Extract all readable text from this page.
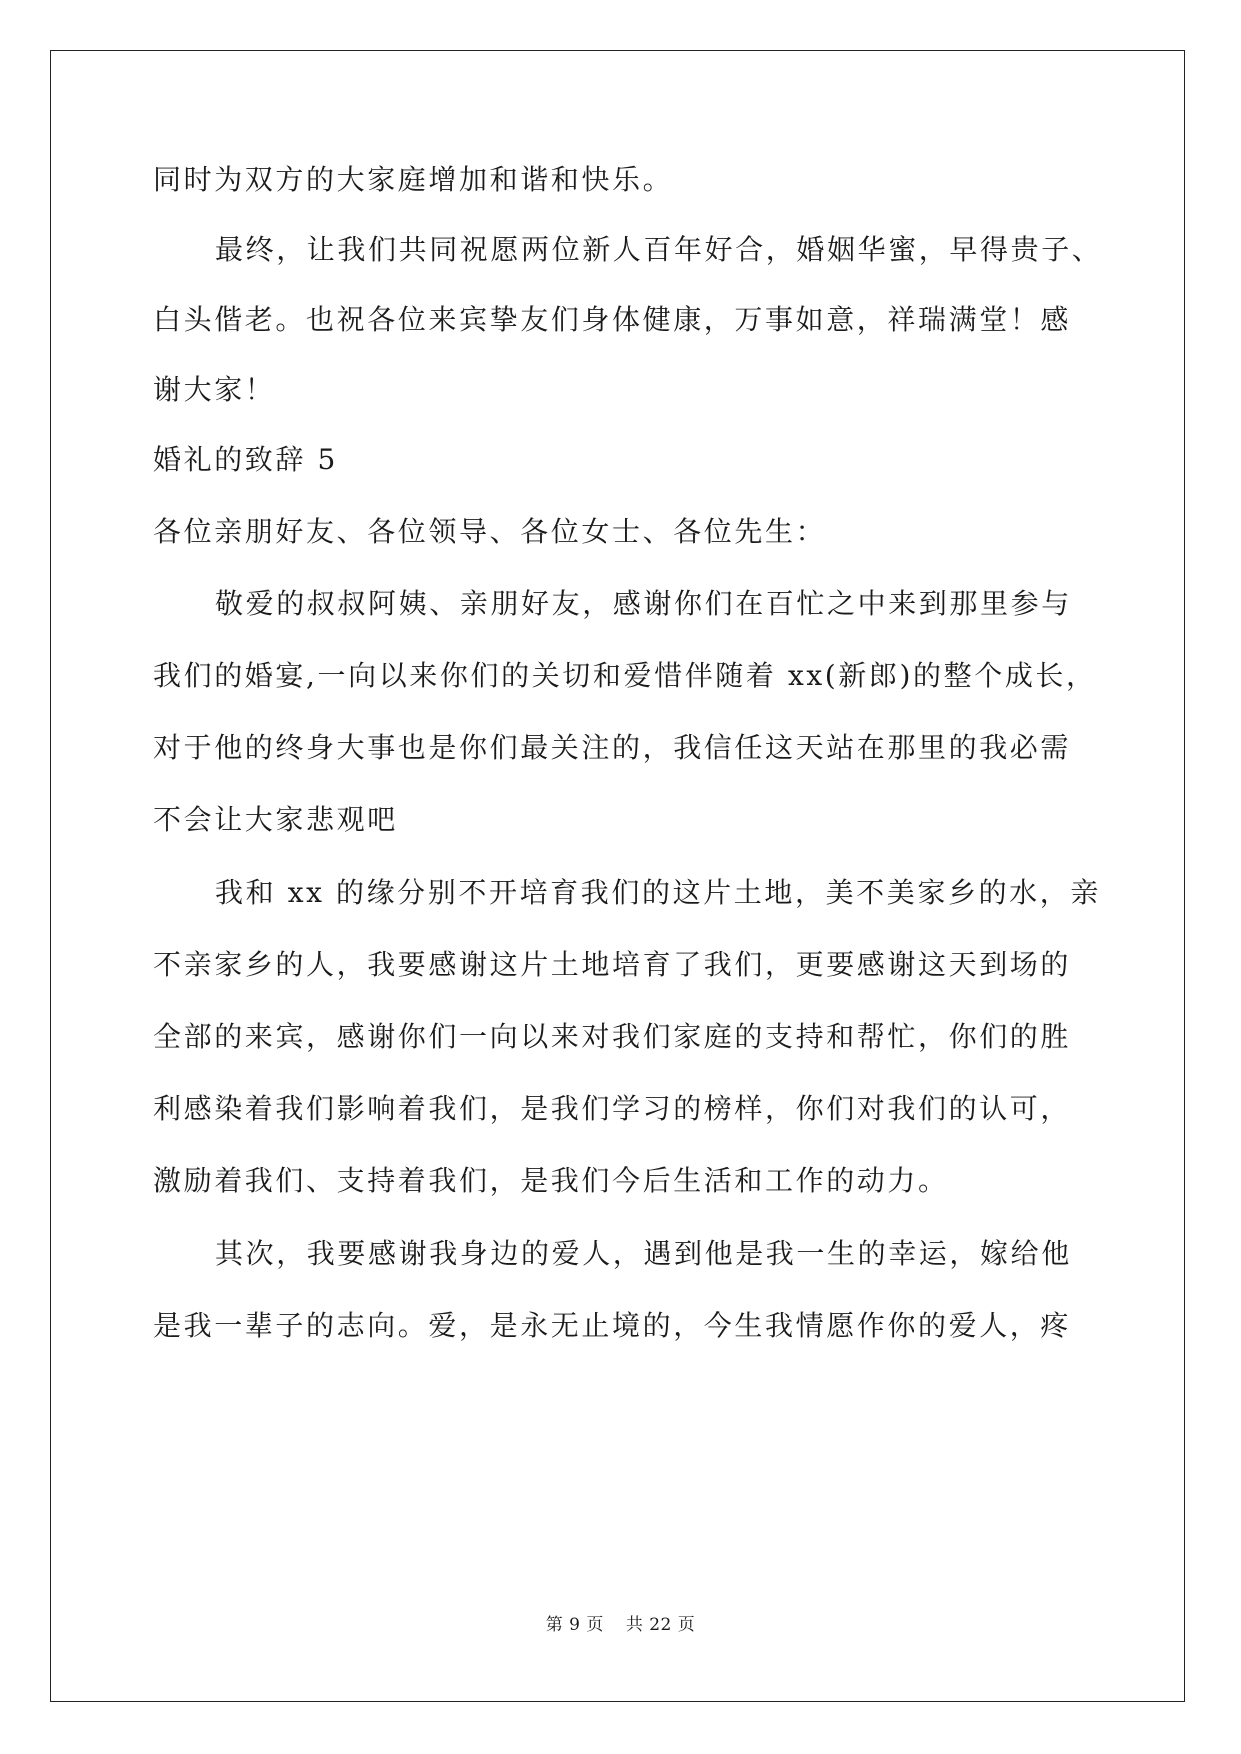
同时为双方的大家庭增加和谐和快乐。
最终，让我们共同祝愿两位新人百年好合，婚姻华蜜，早得贵子、
白头偕老。也祝各位来宾挚友们身体健康，万事如意，祥瑞满堂！感
谢大家！
婚礼的致辞 5
各位亲朋好友、各位领导、各位女士、各位先生：
敬爱的叔叔阿姨、亲朋好友，感谢你们在百忙之中来到那里参与
我们的婚宴,一向以来你们的关切和爱惜伴随着 xx(新郎)的整个成长，
对于他的终身大事也是你们最关注的，我信任这天站在那里的我必需
不会让大家悲观吧
我和 xx 的缘分别不开培育我们的这片土地，美不美家乡的水，亲
不亲家乡的人，我要感谢这片土地培育了我们，更要感谢这天到场的
全部的来宾，感谢你们一向以来对我们家庭的支持和帮忙，你们的胜
利感染着我们影响着我们，是我们学习的榜样，你们对我们的认可，
激励着我们、支持着我们，是我们今后生活和工作的动力。
其次，我要感谢我身边的爱人，遇到他是我一生的幸运，嫁给他
是我一辈子的志向。爱，是永无止境的，今生我情愿作你的爱人，疼
第 9 页 共 22 页
